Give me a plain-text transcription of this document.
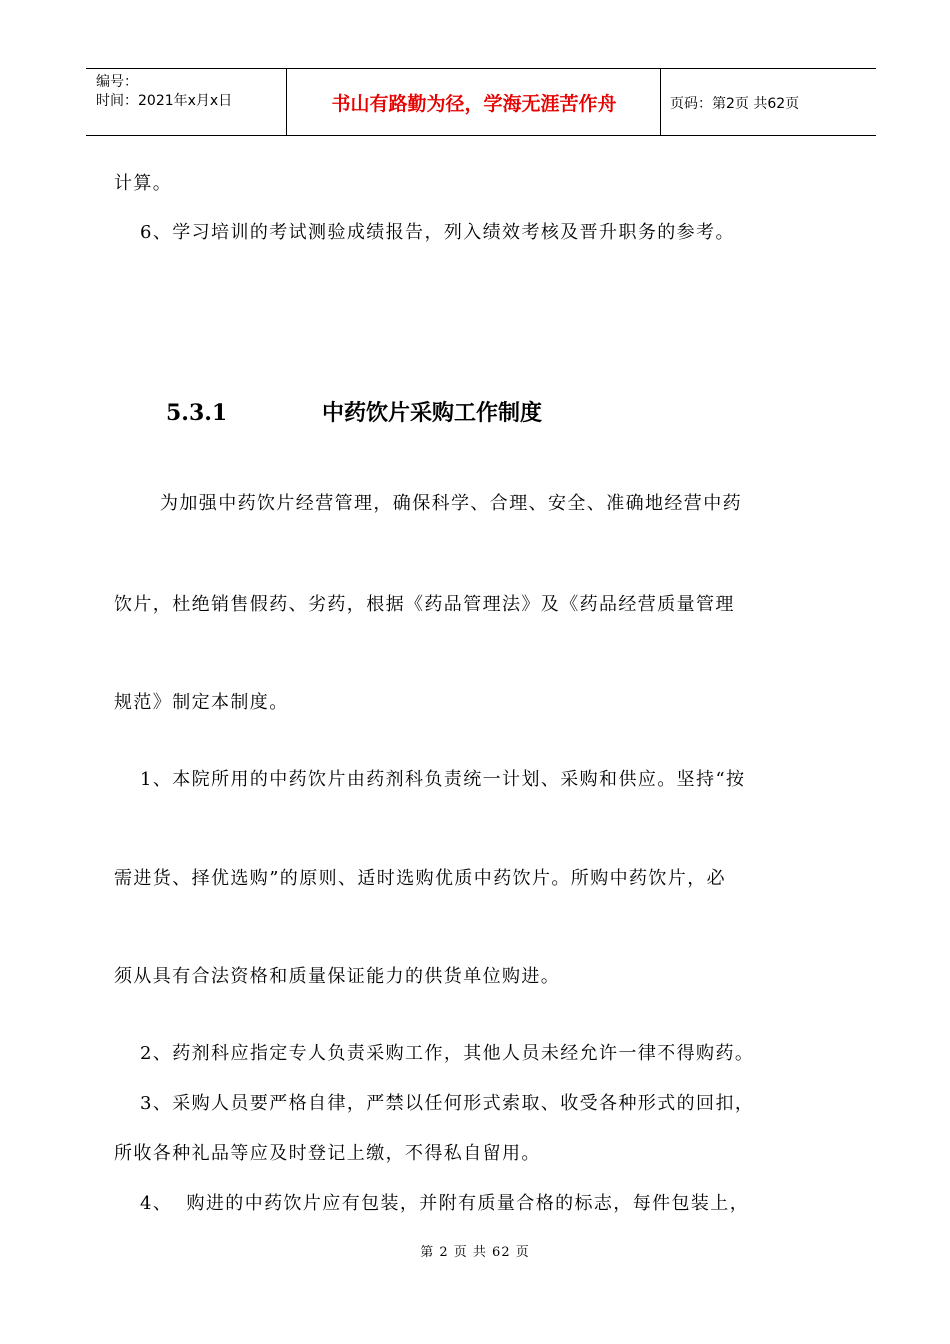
编号：
时间：2021年x月x日	书山有路勤为径，学海无涯苦作舟	页码：第2页 共62页
计算。
6、学习培训的考试测验成绩报告，列入绩效考核及晋升职务的参考。
5.3.1	中药饮片采购工作制度
为加强中药饮片经营管理，确保科学、合理、安全、准确地经营中药
饮片，杜绝销售假药、劣药，根据《药品管理法》及《药品经营质量管理
规范》制定本制度。
1、本院所用的中药饮片由药剂科负责统一计划、采购和供应。坚持“按
需进货、择优选购”的原则、适时选购优质中药饮片。所购中药饮片，必
须从具有合法资格和质量保证能力的供货单位购进。
2、药剂科应指定专人负责采购工作，其他人员未经允许一律不得购药。
3、采购人员要严格自律，严禁以任何形式索取、收受各种形式的回扣，
所收各种礼品等应及时登记上缴，不得私自留用。
4、  购进的中药饮片应有包装，并附有质量合格的标志，每件包装上，
第 2 页 共 62 页
